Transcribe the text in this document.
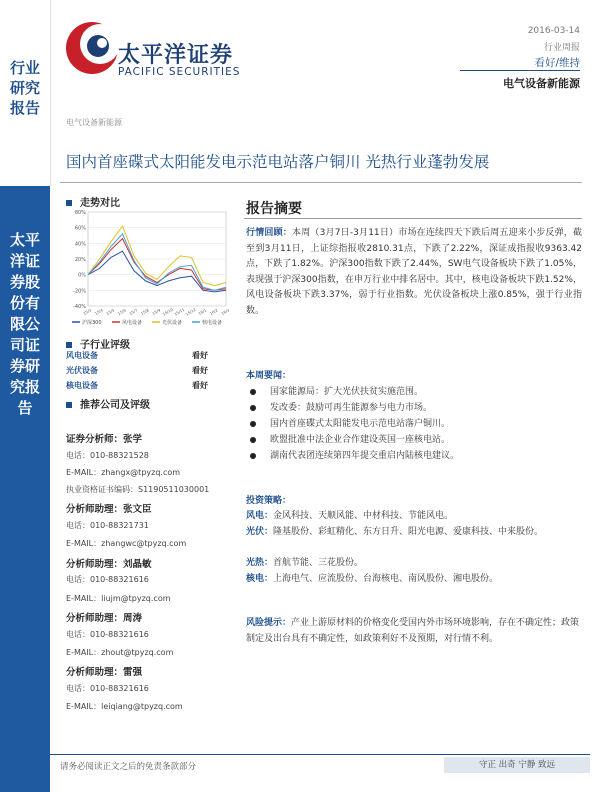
行业研究报告
太平洋证券股份有限公司证券研究报告
太平洋证券
PACIFIC SECURITIES
2016-03-14
行业周报
看好/维持
电气设备新能源
电气设备新能源
国内首座碟式太阳能发电示范电站落户铜川 光热行业蓬勃发展
走势对比
80%
60%
40%
20%
0%
-20%
-40%
15/3 15/4 15/5 15/6 15/7 15/8 15/9 15/10 15/11 15/12 16/1 16/2 16/3
沪深300	风电设备	光伏设备	核电设备
子行业评级
风电设备	看好
光伏设备	看好
核电设备	看好
推荐公司及评级
证券分析师：张学
电话：010-88321528
E-MAIL：zhangx@tpyzq.com
执业资格证书编码：S1190511030001
分析师助理：张文臣
电话：010-88321731
E-MAIL：zhangwc@tpyzq.com
分析师助理：刘晶敏
电话：010-88321616
E-MAIL：liujm@tpyzq.com
分析师助理：周涛
电话：010-88321616
E-MAIL：zhout@tpyzq.com
分析师助理：雷强
电话：010-88321616
E-MAIL：leiqiang@tpyzq.com
报告摘要
行情回顾：本周（3月7日-3月11日）市场在连续四天下跌后周五迎来小步反弹，截至到3月11日，上证综指报收2810.31点，下跌了2.22%，深证成指报收9363.42点，下跌了1.82%。沪深300指数下跌了2.44%，SW电气设备板块下跌了1.05%，表现强于沪深300指数，在申万行业中排名居中。其中，核电设备板块下跌1.52%，风电设备板块下跌3.37%，弱于行业指数。光伏设备板块上涨0.85%，强于行业指数。
本周要闻：
国家能源局：扩大光伏扶贫实施范围。
发改委：鼓励可再生能源参与电力市场。
国内首座碟式太阳能发电示范电站落户铜川。
欧盟批准中法企业合作建设英国一座核电站。
湖南代表团连续第四年提交重启内陆核电建议。
投资策略：
风电：金风科技、天顺风能、中材科技、节能风电。
光伏：隆基股份、彩虹精化、东方日升、阳光电源、爱康科技、中来股份。
光热：首航节能、三花股份。
核电：上海电气、应流股份、台海核电、南风股份、湘电股份。
风险提示：产业上游原材料的价格变化受国内外市场环境影响，存在不确定性；政策制定及出台具有不确定性，如政策利好不及预期，对行情不利。
请务必阅读正文之后的免责条款部分	守正 出奇 宁静 致远
